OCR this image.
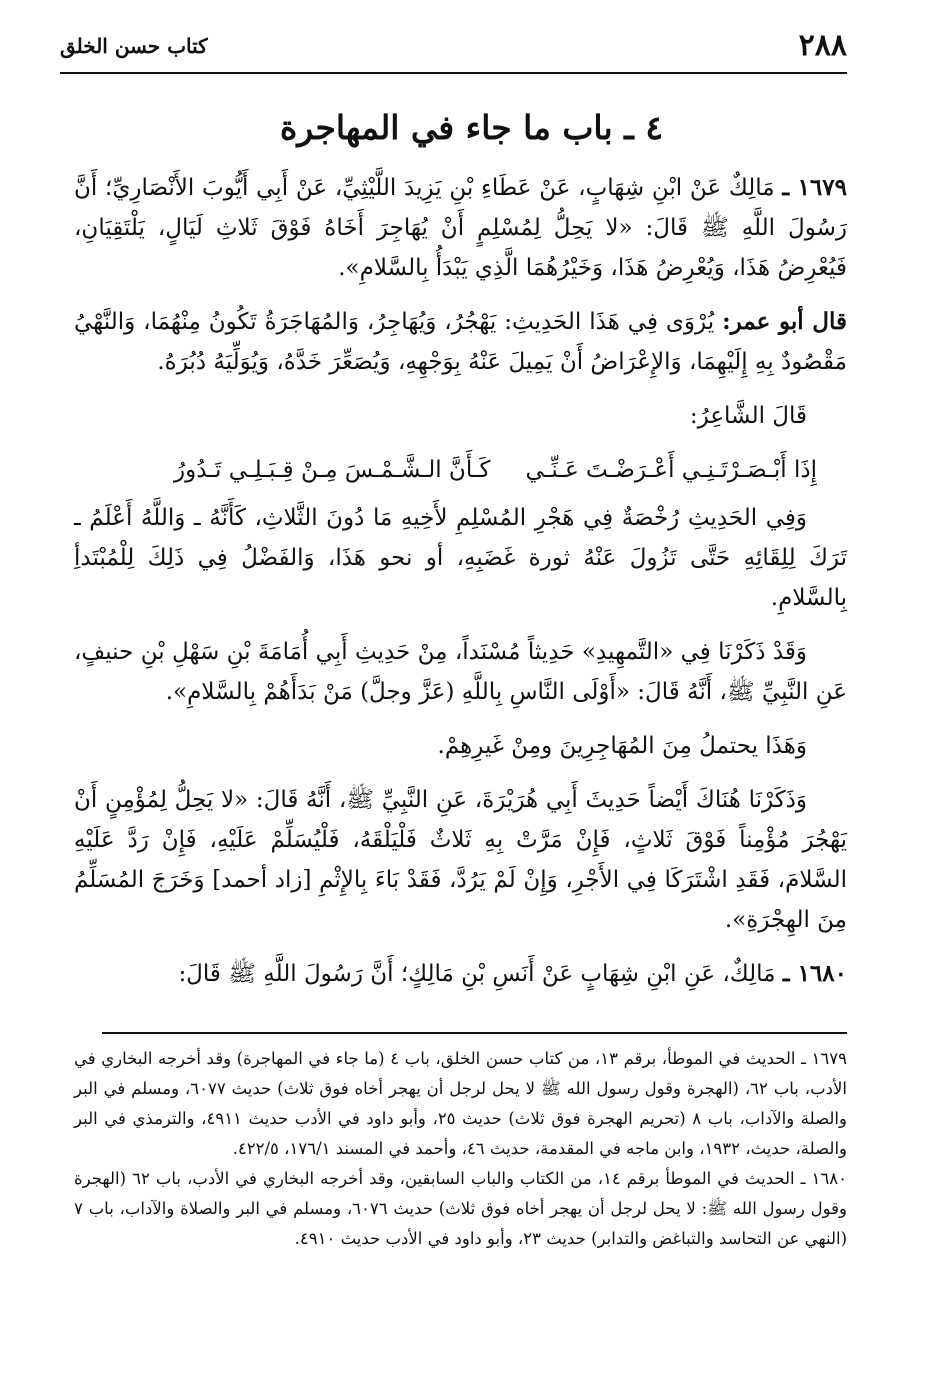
٢٨٨
كتاب حسن الخلق
٤ ـ باب ما جاء في المهاجرة

١٦٧٩ ـ مَالِكٌ عَنْ ابْنِ شِهَابٍ، عَنْ عَطَاءِ بْنِ يَزِيدَ اللَّيْثِيِّ، عَنْ أَبِي أَيُّوبَ الأَنْصَارِيِّ؛ أَنَّ رَسُولَ اللَّهِ ﷺ قَالَ: «لا يَحِلُّ لِمُسْلِمٍ أَنْ يُهَاجِرَ أَخَاهُ فَوْقَ ثَلاثِ لَيَالٍ، يَلْتَقِيَانِ، فَيُعْرِضُ هَذَا، وَيُعْرِضُ هَذَا، وَخَيْرُهُمَا الَّذِي يَبْدَأُ بِالسَّلامِ».

قال أبو عمر: يُرْوَى فِي هَذَا الحَدِيثِ: يَهْجُرُ، وَيُهَاجِرُ، وَالمُهَاجَرَةُ تَكُونُ مِنْهُمَا، وَالنَّهْيُ مَقْصُودٌ بِهِ إِلَيْهِمَا، وَالإِعْرَاضُ أَنْ يَمِيلَ عَنْهُ بِوَجْهِهِ، وَيُصَعِّرَ خَدَّهُ، وَيُوَلِّيَهُ دُبُرَهُ.

قَالَ الشَّاعِرُ:

إِذَا أَبْـصَـرْتَـنِـي أَعْـرَضْـتَ عَـنِّـي
كَـأَنَّ الـشَّـمْـسَ مِـنْ قِـبَـلِـي تَـدُورُ

وَفِي الحَدِيثِ رُخْصَةٌ فِي هَجْرِ المُسْلِمِ لأَخِيهِ مَا دُونَ الثَّلاثِ، كَأَنَّهُ ـ وَاللَّهُ أَعْلَمُ ـ تَرَكَ لِلِقَائِهِ حَتَّى تَزُولَ عَنْهُ ثورة غَضَبِهِ، أو نحو هَذَا، وَالفَضْلُ فِي ذَلِكَ لِلْمُبْتَدأِ بِالسَّلامِ.

وَقَدْ ذَكَرْنَا فِي «التَّمهِيدِ» حَدِيثاً مُسْنَداً، مِنْ حَدِيثِ أَبِي أُمَامَةَ بْنِ سَهْلِ بْنِ حنيفٍ، عَنِ النَّبِيِّ ﷺ، أَنَّهُ قَالَ: «أَوْلَى النَّاسِ بِاللَّهِ (عَزَّ وجلَّ) مَنْ بَدَأَهُمْ بِالسَّلامِ».

وَهَذَا يحتملُ مِنَ المُهَاجِرِينَ ومِنْ غَيرِهِمْ.

وَذَكَرْنَا هُنَاكَ أَيْضاً حَدِيثَ أَبِي هُرَيْرَةَ، عَنِ النَّبِيِّ ﷺ، أَنَّهُ قَالَ: «لا يَحِلُّ لِمُؤْمِنٍ أَنْ يَهْجُرَ مُؤْمِناً فَوْقَ ثَلاثٍ، فَإِنْ مَرَّتْ بِهِ ثَلاثٌ فَلْيَلْقَهُ، فَلْيُسَلِّمْ عَلَيْهِ، فَإِنْ رَدَّ عَلَيْهِ السَّلامَ، فَقَدِ اشْتَرَكَا فِي الأَجْرِ، وَإِنْ لَمْ يَرُدَّ، فَقَدْ بَاءَ بِالإِثْمِ [زاد أحمد] وَخَرَجَ المُسَلِّمُ مِنَ الهِجْرَةِ».

١٦٨٠ ـ مَالِكٌ، عَنِ ابْنِ شِهَابٍ عَنْ أَنَسِ بْنِ مَالِكٍ؛ أَنَّ رَسُولَ اللَّهِ ﷺ قَالَ:

١٦٧٩ ـ الحديث في الموطأ، برقم ١٣، من كتاب حسن الخلق، باب ٤ (ما جاء في المهاجرة) وقد أخرجه البخاري في الأدب، باب ٦٢، (الهجرة وقول رسول الله ﷺ لا يحل لرجل أن يهجر أخاه فوق ثلاث) حديث ٦٠٧٧، ومسلم في البر والصلة والآداب، باب ٨ (تحريم الهجرة فوق ثلاث) حديث ٢٥، وأبو داود في الأدب حديث ٤٩١١، والترمذي في البر والصلة، حديث، ١٩٣٢، وابن ماجه في المقدمة، حديث ٤٦، وأحمد في المسند ١٧٦/١، ٤٢٢/٥.

١٦٨٠ ـ الحديث في الموطأ برقم ١٤، من الكتاب والباب السابقين، وقد أخرجه البخاري في الأدب، باب ٦٢ (الهجرة وقول رسول الله ﷺ: لا يحل لرجل أن يهجر أخاه فوق ثلاث) حديث ٦٠٧٦، ومسلم في البر والصلاة والآداب، باب ٧ (النهي عن التحاسد والتباغض والتدابر) حديث ٢٣، وأبو داود في الأدب حديث ٤٩١٠.
